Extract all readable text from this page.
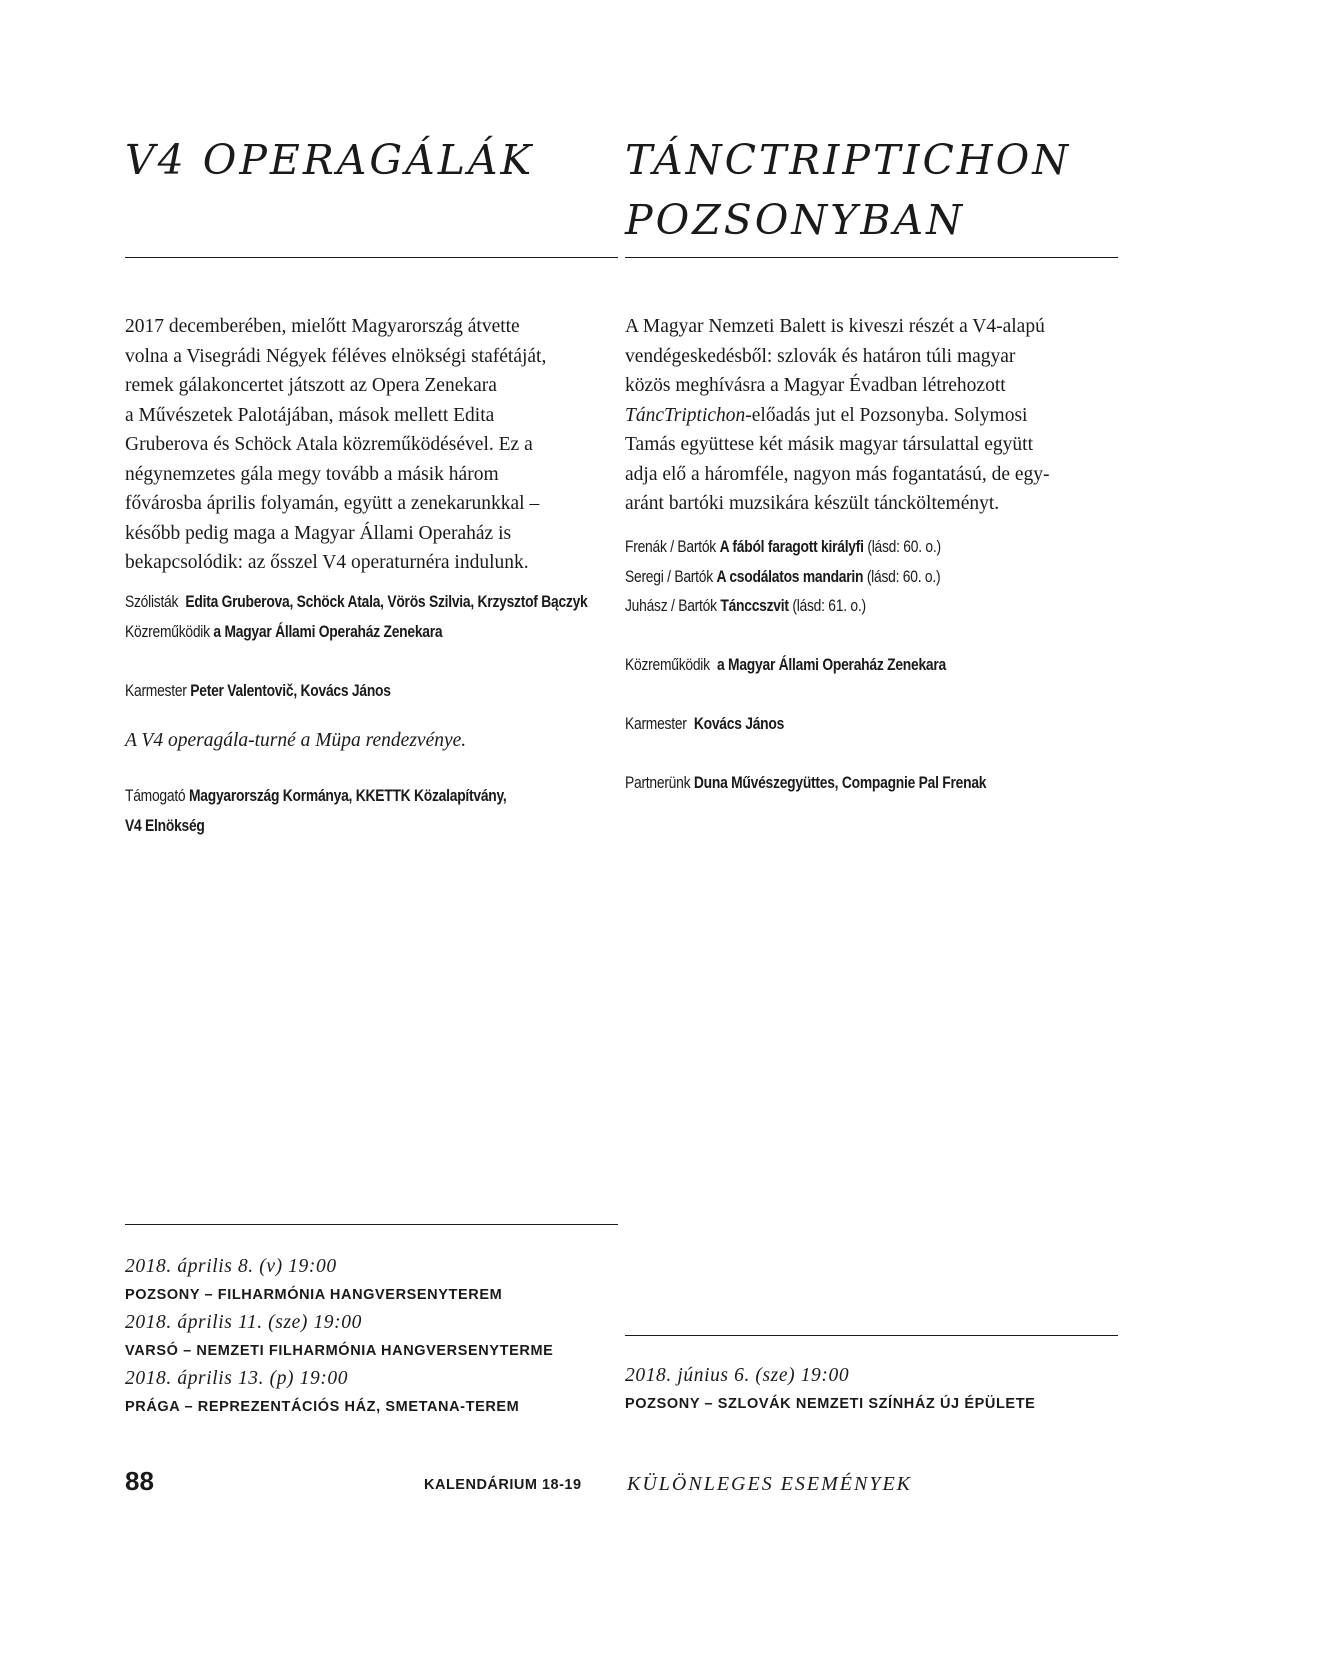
V4 OPERAGÁLÁK
2017 decemberében, mielőtt Magyarország átvette
volna a Visegrádi Négyek féléves elnökségi stafétáját,
remek gálakoncertet játszott az Opera Zenekara
a Művészetek Palotájában, mások mellett Edita
Gruberova és Schöck Atala közreműködésével. Ez a
négynemzetes gála megy tovább a másik három
fővárosba április folyamán, együtt a zenekarunkkal –
később pedig maga a Magyar Állami Operaház is
bekapcsolódik: az ősszel V4 operaturnéra indulunk.
Szólisták Edita Gruberova, Schöck Atala, Vörös Szilvia, Krzysztof Bączyk
Közreműködik a Magyar Állami Operaház Zenekara
Karmester Peter Valentovič, Kovács János
A V4 operagála-turné a Müpa rendezvénye.
Támogató Magyarország Kormánya, KKETTK Közalapítvány,
V4 Elnökség
2018. április 8. (v) 19:00
POZSONY – FILHARMÓNIA HANGVERSENYTEREM
2018. április 11. (sze) 19:00
VARSÓ – NEMZETI FILHARMÓNIA HANGVERSENYTERME
2018. április 13. (p) 19:00
PRÁGA – REPREZENTÁCIÓS HÁZ, SMETANA-TEREM
TÁNCTRIPTICHON
POZSONYBAN
A Magyar Nemzeti Balett is kiveszi részét a V4-alapú
vendégeskedésből: szlovák és határon túli magyar
közös meghívásra a Magyar Évadban létrehozott
TáncTriptichon-előadás jut el Pozsonyba. Solymosi
Tamás együttese két másik magyar társulattal együtt
adja elő a háromféle, nagyon más fogantatású, de egy-
aránt bartóki muzsikára készült tánckölteményt.
Frenák / Bartók A fából faragott királyfi (lásd: 60. o.)
Seregi / Bartók A csodálatos mandarin (lásd: 60. o.)
Juhász / Bartók Tánccszvit (lásd: 61. o.)
Közreműködik a Magyar Állami Operaház Zenekara
Karmester Kovács János
Partnerünk Duna Művészegyüttes, Compagnie Pal Frenak
2018. június 6. (sze) 19:00
POZSONY – SZLOVÁK NEMZETI SZÍNHÁZ ÚJ ÉPÜLETE
88	KALENDÁRIUM 18-19 KÜLÖNLEGES ESEMÉNYEK
